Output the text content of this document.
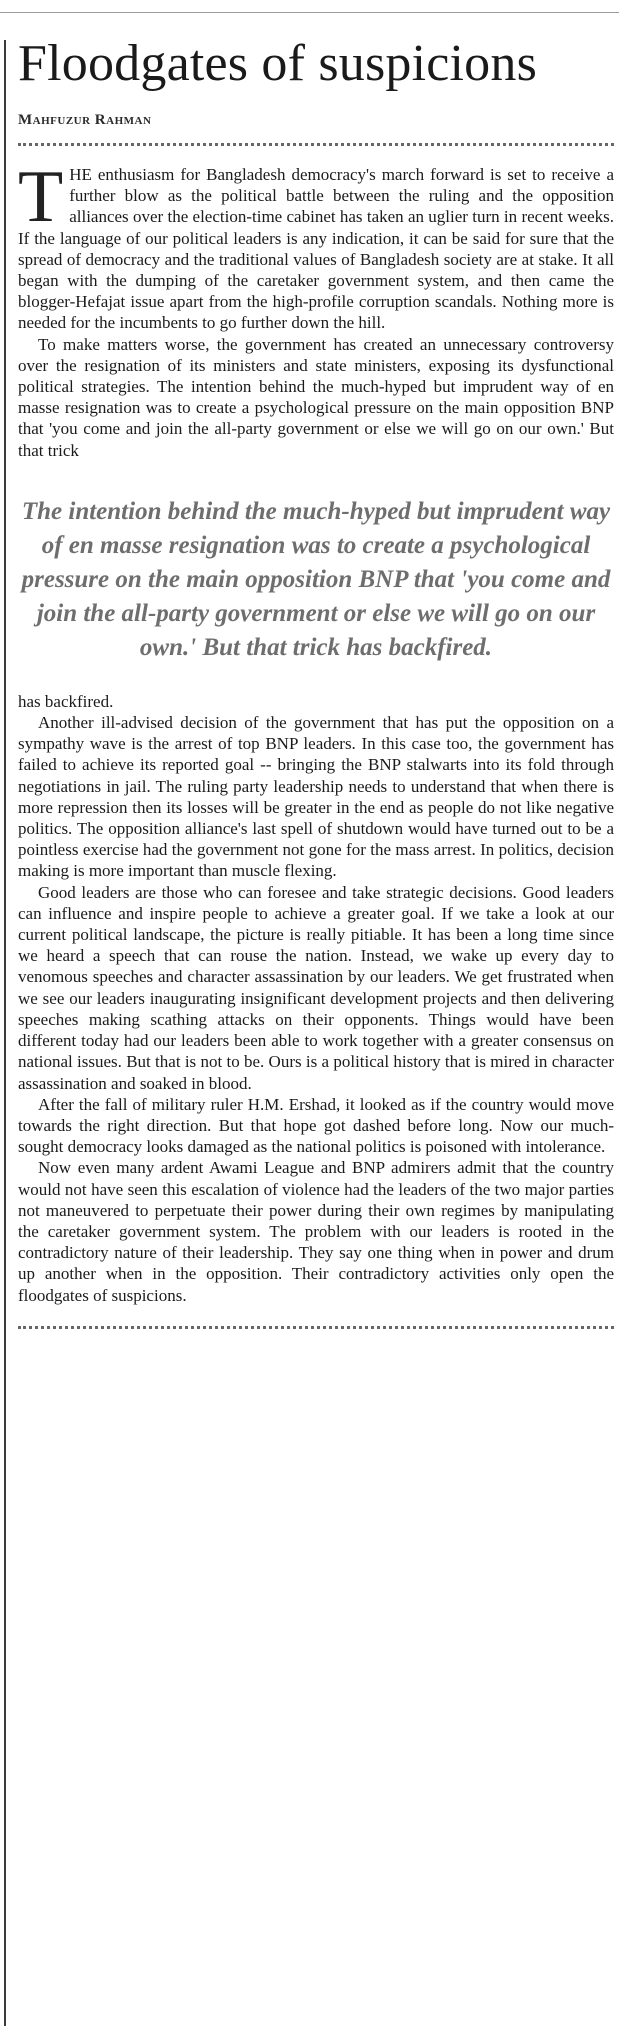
Floodgates of suspicions
Mahfuzur Rahman

THE enthusiasm for Bangladesh democracy's march forward is set to receive a further blow as the political battle between the ruling and the opposition alliances over the election-time cabinet has taken an uglier turn in recent weeks. If the language of our political leaders is any indication, it can be said for sure that the spread of democracy and the traditional values of Bangladesh society are at stake. It all began with the dumping of the caretaker government system, and then came the blogger-Hefajat issue apart from the high-profile corruption scandals. Nothing more is needed for the incumbents to go further down the hill.

To make matters worse, the government has created an unnecessary controversy over the resignation of its ministers and state ministers, exposing its dysfunctional political strategies. The intention behind the much-hyped but imprudent way of en masse resignation was to create a psychological pressure on the main opposition BNP that 'you come and join the all-party government or else we will go on our own.' But that trick

The intention behind the much-hyped but imprudent way of en masse resignation was to create a psychological pressure on the main opposition BNP that 'you come and join the all-party government or else we will go on our own.' But that trick has backfired.

has backfired.

Another ill-advised decision of the government that has put the opposition on a sympathy wave is the arrest of top BNP leaders. In this case too, the government has failed to achieve its reported goal -- bringing the BNP stalwarts into its fold through negotiations in jail. The ruling party leadership needs to understand that when there is more repression then its losses will be greater in the end as people do not like negative politics. The opposition alliance's last spell of shutdown would have turned out to be a pointless exercise had the government not gone for the mass arrest. In politics, decision making is more important than muscle flexing.

Good leaders are those who can foresee and take strategic decisions. Good leaders can influence and inspire people to achieve a greater goal. If we take a look at our current political landscape, the picture is really pitiable. It has been a long time since we heard a speech that can rouse the nation. Instead, we wake up every day to venomous speeches and character assassination by our leaders. We get frustrated when we see our leaders inaugurating insignificant development projects and then delivering speeches making scathing attacks on their opponents. Things would have been different today had our leaders been able to work together with a greater consensus on national issues. But that is not to be. Ours is a political history that is mired in character assassination and soaked in blood.

After the fall of military ruler H.M. Ershad, it looked as if the country would move towards the right direction. But that hope got dashed before long. Now our much-sought democracy looks damaged as the national politics is poisoned with intolerance.

Now even many ardent Awami League and BNP admirers admit that the country would not have seen this escalation of violence had the leaders of the two major parties not maneuvered to perpetuate their power during their own regimes by manipulating the caretaker government system. The problem with our leaders is rooted in the contradictory nature of their leadership. They say one thing when in power and drum up another when in the opposition. Their contradictory activities only open the floodgates of suspicions.
